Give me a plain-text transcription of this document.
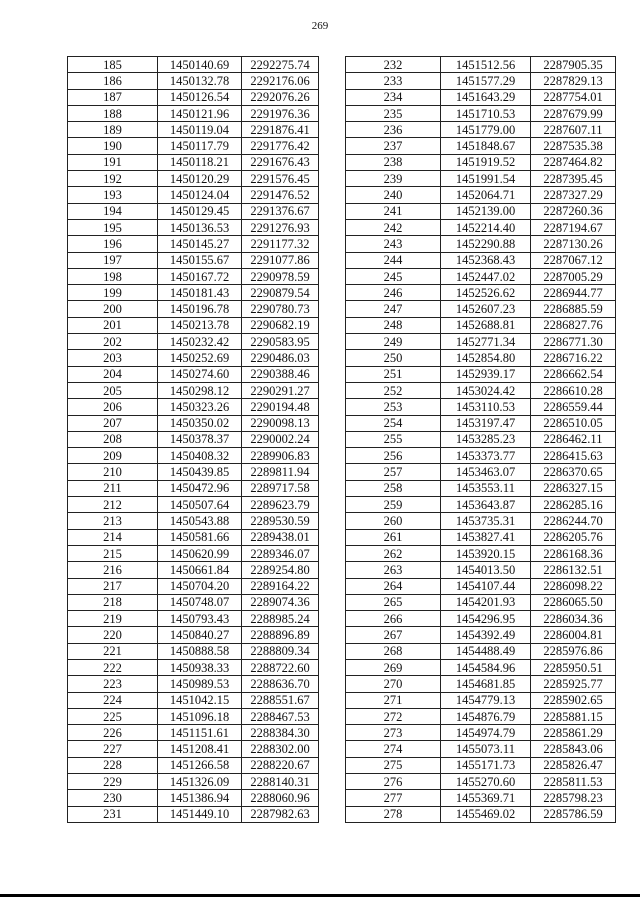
269
185	1450140.69	2292275.74
186	1450132.78	2292176.06
187	1450126.54	2292076.26
188	1450121.96	2291976.36
189	1450119.04	2291876.41
190	1450117.79	2291776.42
191	1450118.21	2291676.43
192	1450120.29	2291576.45
193	1450124.04	2291476.52
194	1450129.45	2291376.67
195	1450136.53	2291276.93
196	1450145.27	2291177.32
197	1450155.67	2291077.86
198	1450167.72	2290978.59
199	1450181.43	2290879.54
200	1450196.78	2290780.73
201	1450213.78	2290682.19
202	1450232.42	2290583.95
203	1450252.69	2290486.03
204	1450274.60	2290388.46
205	1450298.12	2290291.27
206	1450323.26	2290194.48
207	1450350.02	2290098.13
208	1450378.37	2290002.24
209	1450408.32	2289906.83
210	1450439.85	2289811.94
211	1450472.96	2289717.58
212	1450507.64	2289623.79
213	1450543.88	2289530.59
214	1450581.66	2289438.01
215	1450620.99	2289346.07
216	1450661.84	2289254.80
217	1450704.20	2289164.22
218	1450748.07	2289074.36
219	1450793.43	2288985.24
220	1450840.27	2288896.89
221	1450888.58	2288809.34
222	1450938.33	2288722.60
223	1450989.53	2288636.70
224	1451042.15	2288551.67
225	1451096.18	2288467.53
226	1451151.61	2288384.30
227	1451208.41	2288302.00
228	1451266.58	2288220.67
229	1451326.09	2288140.31
230	1451386.94	2288060.96
231	1451449.10	2287982.63
232	1451512.56	2287905.35
233	1451577.29	2287829.13
234	1451643.29	2287754.01
235	1451710.53	2287679.99
236	1451779.00	2287607.11
237	1451848.67	2287535.38
238	1451919.52	2287464.82
239	1451991.54	2287395.45
240	1452064.71	2287327.29
241	1452139.00	2287260.36
242	1452214.40	2287194.67
243	1452290.88	2287130.26
244	1452368.43	2287067.12
245	1452447.02	2287005.29
246	1452526.62	2286944.77
247	1452607.23	2286885.59
248	1452688.81	2286827.76
249	1452771.34	2286771.30
250	1452854.80	2286716.22
251	1452939.17	2286662.54
252	1453024.42	2286610.28
253	1453110.53	2286559.44
254	1453197.47	2286510.05
255	1453285.23	2286462.11
256	1453373.77	2286415.63
257	1453463.07	2286370.65
258	1453553.11	2286327.15
259	1453643.87	2286285.16
260	1453735.31	2286244.70
261	1453827.41	2286205.76
262	1453920.15	2286168.36
263	1454013.50	2286132.51
264	1454107.44	2286098.22
265	1454201.93	2286065.50
266	1454296.95	2286034.36
267	1454392.49	2286004.81
268	1454488.49	2285976.86
269	1454584.96	2285950.51
270	1454681.85	2285925.77
271	1454779.13	2285902.65
272	1454876.79	2285881.15
273	1454974.79	2285861.29
274	1455073.11	2285843.06
275	1455171.73	2285826.47
276	1455270.60	2285811.53
277	1455369.71	2285798.23
278	1455469.02	2285786.59
